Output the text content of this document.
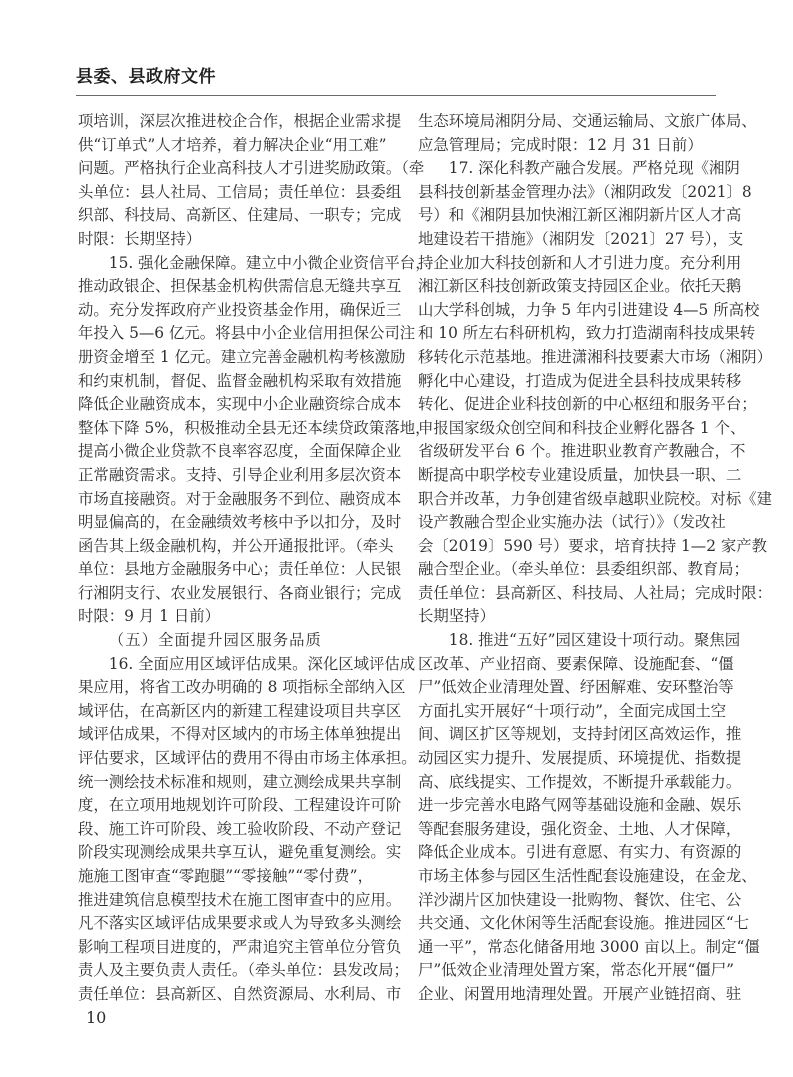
县委、县政府文件
项培训，深层次推进校企合作，根据企业需求提
供“订单式”人才培养，着力解决企业“用工难”
问题。严格执行企业高科技人才引进奖励政策。（牵
头单位：县人社局、工信局；责任单位：县委组
织部、科技局、高新区、住建局、一职专；完成
时限：长期坚持）
15. 强化金融保障。建立中小微企业资信平台，
推动政银企、担保基金机构供需信息无缝共享互
动。充分发挥政府产业投资基金作用，确保近三
年投入 5—6 亿元。将县中小企业信用担保公司注
册资金增至 1 亿元。建立完善金融机构考核激励
和约束机制，督促、监督金融机构采取有效措施
降低企业融资成本，实现中小企业融资综合成本
整体下降 5%，积极推动全县无还本续贷政策落地，
提高小微企业贷款不良率容忍度，全面保障企业
正常融资需求。支持、引导企业利用多层次资本
市场直接融资。对于金融服务不到位、融资成本
明显偏高的，在金融绩效考核中予以扣分，及时
函告其上级金融机构，并公开通报批评。（牵头
单位：县地方金融服务中心；责任单位：人民银
行湘阴支行、农业发展银行、各商业银行；完成
时限：9 月 1 日前）
（五）全面提升园区服务品质
16. 全面应用区域评估成果。深化区域评估成
果应用，将省工改办明确的 8 项指标全部纳入区
域评估，在高新区内的新建工程建设项目共享区
域评估成果，不得对区域内的市场主体单独提出
评估要求，区域评估的费用不得由市场主体承担。
统一测绘技术标准和规则，建立测绘成果共享制
度，在立项用地规划许可阶段、工程建设许可阶
段、施工许可阶段、竣工验收阶段、不动产登记
阶段实现测绘成果共享互认，避免重复测绘。实
施施工图审查“零跑腿”“零接触”“零付费”，
推进建筑信息模型技术在施工图审查中的应用。
凡不落实区域评估成果要求或人为导致多头测绘
影响工程项目进度的，严肃追究主管单位分管负
责人及主要负责人责任。（牵头单位：县发改局；
责任单位：县高新区、自然资源局、水利局、市
生态环境局湘阴分局、交通运输局、文旅广体局、
应急管理局；完成时限：12 月 31 日前）
17. 深化科教产融合发展。严格兑现《湘阴
县科技创新基金管理办法》（湘阴政发〔2021〕8
号）和《湘阴县加快湘江新区湘阴新片区人才高
地建设若干措施》（湘阴发〔2021〕27 号），支
持企业加大科技创新和人才引进力度。充分利用
湘江新区科技创新政策支持园区企业。依托天鹅
山大学科创城，力争 5 年内引进建设 4—5 所高校
和 10 所左右科研机构，致力打造湖南科技成果转
移转化示范基地。推进潇湘科技要素大市场（湘阴）
孵化中心建设，打造成为促进全县科技成果转移
转化、促进企业科技创新的中心枢纽和服务平台；
申报国家级众创空间和科技企业孵化器各 1 个、
省级研发平台 6 个。推进职业教育产教融合，不
断提高中职学校专业建设质量，加快县一职、二
职合并改革，力争创建省级卓越职业院校。对标《建
设产教融合型企业实施办法（试行）》（发改社
会〔2019〕590 号）要求，培育扶持 1—2 家产教
融合型企业。（牵头单位：县委组织部、教育局；
责任单位：县高新区、科技局、人社局；完成时限：
长期坚持）
18. 推进“五好”园区建设十项行动。聚焦园
区改革、产业招商、要素保障、设施配套、“僵
尸”低效企业清理处置、纾困解难、安环整治等
方面扎实开展好“十项行动”，全面完成国土空
间、调区扩区等规划，支持封闭区高效运作，推
动园区实力提升、发展提质、环境提优、指数提
高、底线提实、工作提效，不断提升承载能力。
进一步完善水电路气网等基础设施和金融、娱乐
等配套服务建设，强化资金、土地、人才保障，
降低企业成本。引进有意愿、有实力、有资源的
市场主体参与园区生活性配套设施建设，在金龙、
洋沙湖片区加快建设一批购物、餐饮、住宅、公
共交通、文化休闲等生活配套设施。推进园区“七
通一平”，常态化储备用地 3000 亩以上。制定“僵
尸”低效企业清理处置方案，常态化开展“僵尸”
企业、闲置用地清理处置。开展产业链招商、驻
10
